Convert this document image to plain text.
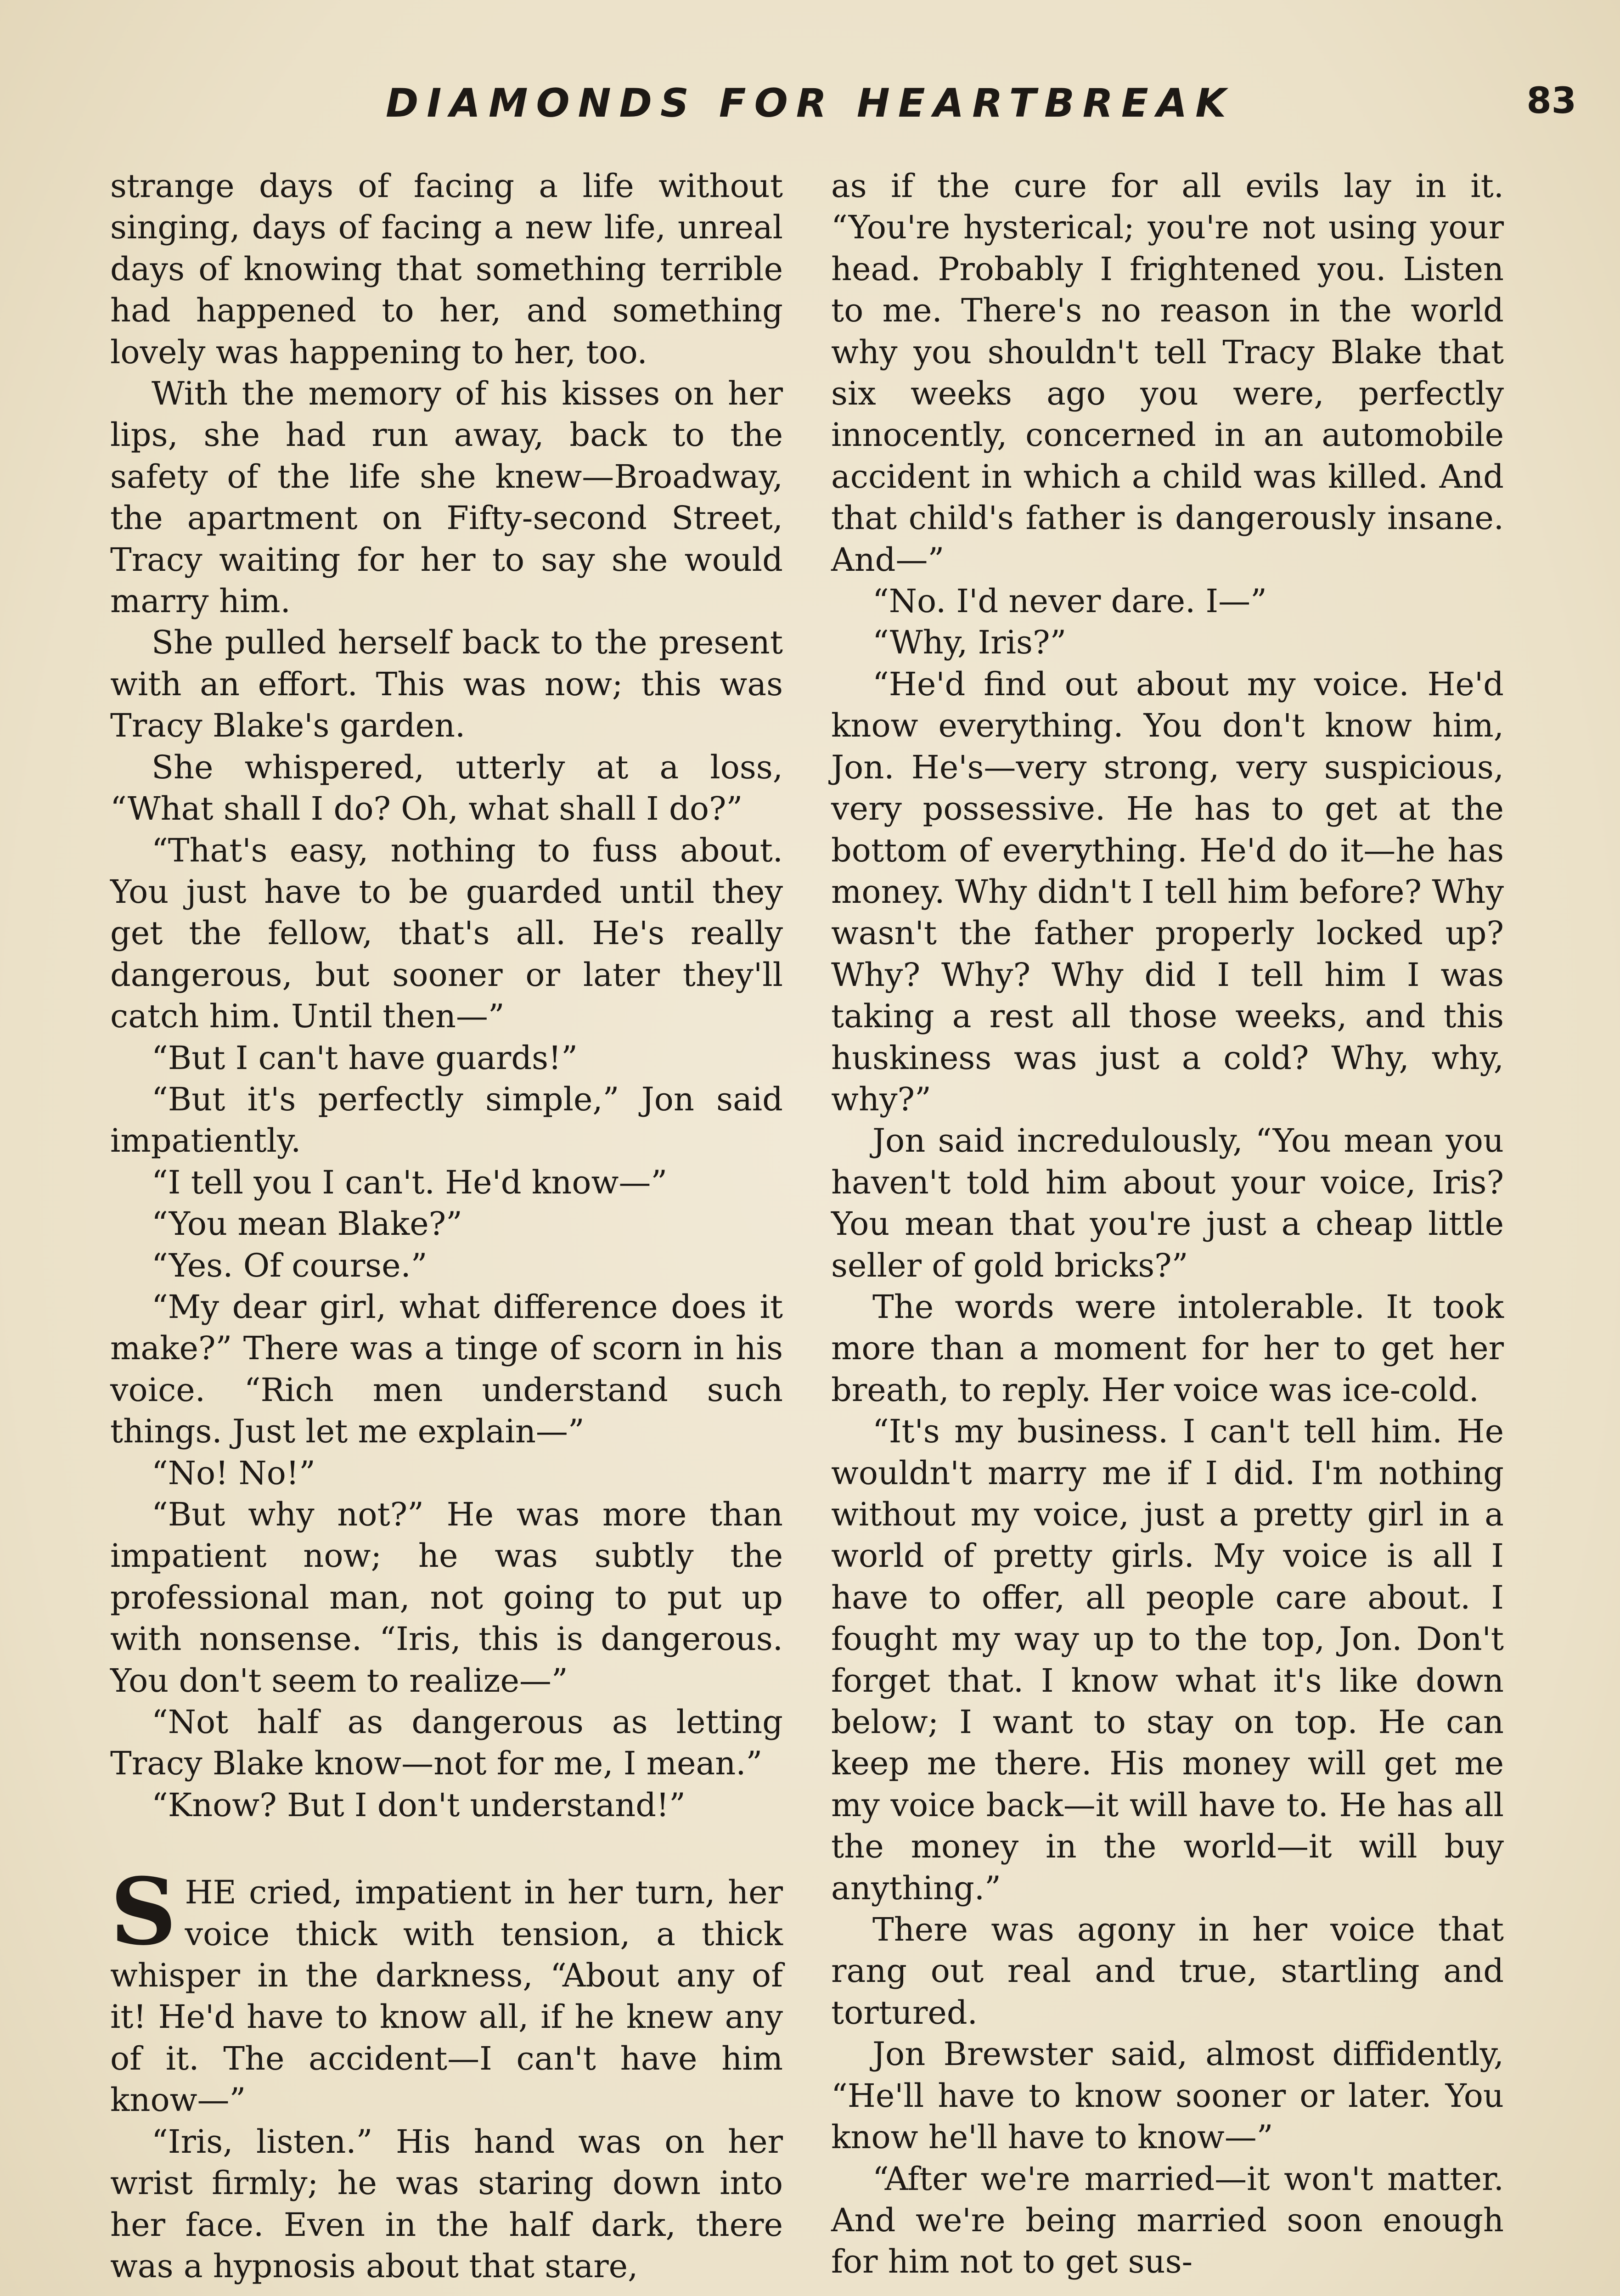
DIAMONDS FOR HEARTBREAK	83

strange days of facing a life without singing, days of facing a new life, unreal days of knowing that something terrible had happened to her, and something lovely was happening to her, too.

With the memory of his kisses on her lips, she had run away, back to the safety of the life she knew—Broadway, the apartment on Fifty-second Street, Tracy waiting for her to say she would marry him.

She pulled herself back to the present with an effort. This was now; this was Tracy Blake's garden.

She whispered, utterly at a loss, “What shall I do? Oh, what shall I do?”

“That's easy, nothing to fuss about. You just have to be guarded until they get the fellow, that's all. He's really dangerous, but sooner or later they'll catch him. Until then—”

“But I can't have guards!”

“But it's perfectly simple,” Jon said impatiently.

“I tell you I can't. He'd know—”

“You mean Blake?”

“Yes. Of course.”

“My dear girl, what difference does it make?” There was a tinge of scorn in his voice. “Rich men understand such things. Just let me explain—”

“No! No!”

“But why not?” He was more than impatient now; he was subtly the professional man, not going to put up with nonsense. “Iris, this is dangerous. You don't seem to realize—”

“Not half as dangerous as letting Tracy Blake know—not for me, I mean.”

“Know? But I don't understand!”

SHE cried, impatient in her turn, her voice thick with tension, a thick whisper in the darkness, “About any of it! He'd have to know all, if he knew any of it. The accident—I can't have him know—”

“Iris, listen.” His hand was on her wrist firmly; he was staring down into her face. Even in the half dark, there was a hypnosis about that stare,

as if the cure for all evils lay in it. “You're hysterical; you're not using your head. Probably I frightened you. Listen to me. There's no reason in the world why you shouldn't tell Tracy Blake that six weeks ago you were, perfectly innocently, concerned in an automobile accident in which a child was killed. And that child's father is dangerously insane. And—”

“No. I'd never dare. I—”

“Why, Iris?”

“He'd find out about my voice. He'd know everything. You don't know him, Jon. He's—very strong, very suspicious, very possessive. He has to get at the bottom of everything. He'd do it—he has money. Why didn't I tell him before? Why wasn't the father properly locked up? Why? Why? Why did I tell him I was taking a rest all those weeks, and this huskiness was just a cold? Why, why, why?”

Jon said incredulously, “You mean you haven't told him about your voice, Iris? You mean that you're just a cheap little seller of gold bricks?”

The words were intolerable. It took more than a moment for her to get her breath, to reply. Her voice was ice-cold.

“It's my business. I can't tell him. He wouldn't marry me if I did. I'm nothing without my voice, just a pretty girl in a world of pretty girls. My voice is all I have to offer, all people care about. I fought my way up to the top, Jon. Don't forget that. I know what it's like down below; I want to stay on top. He can keep me there. His money will get me my voice back—it will have to. He has all the money in the world—it will buy anything.”

There was agony in her voice that rang out real and true, startling and tortured.

Jon Brewster said, almost diffidently, “He'll have to know sooner or later. You know he'll have to know—”

“After we're married—it won't matter. And we're being married soon enough for him not to get sus-
